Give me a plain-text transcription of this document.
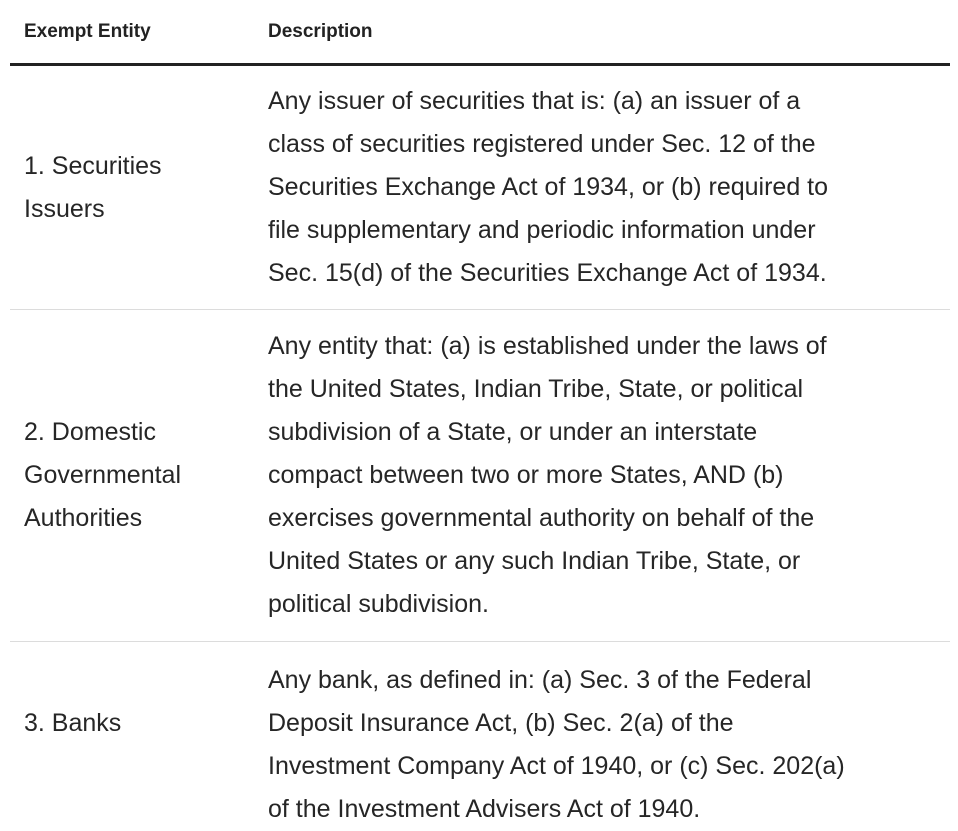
Exempt Entity	Description
1. Securities
Issuers
Any issuer of securities that is: (a) an issuer of a
class of securities registered under Sec. 12 of the
Securities Exchange Act of 1934, or (b) required to
file supplementary and periodic information under
Sec. 15(d) of the Securities Exchange Act of 1934.
2. Domestic
Governmental
Authorities
Any entity that: (a) is established under the laws of
the United States, Indian Tribe, State, or political
subdivision of a State, or under an interstate
compact between two or more States, AND (b)
exercises governmental authority on behalf of the
United States or any such Indian Tribe, State, or
political subdivision.
3. Banks
Any bank, as defined in: (a) Sec. 3 of the Federal
Deposit Insurance Act, (b) Sec. 2(a) of the
Investment Company Act of 1940, or (c) Sec. 202(a)
of the Investment Advisers Act of 1940.
